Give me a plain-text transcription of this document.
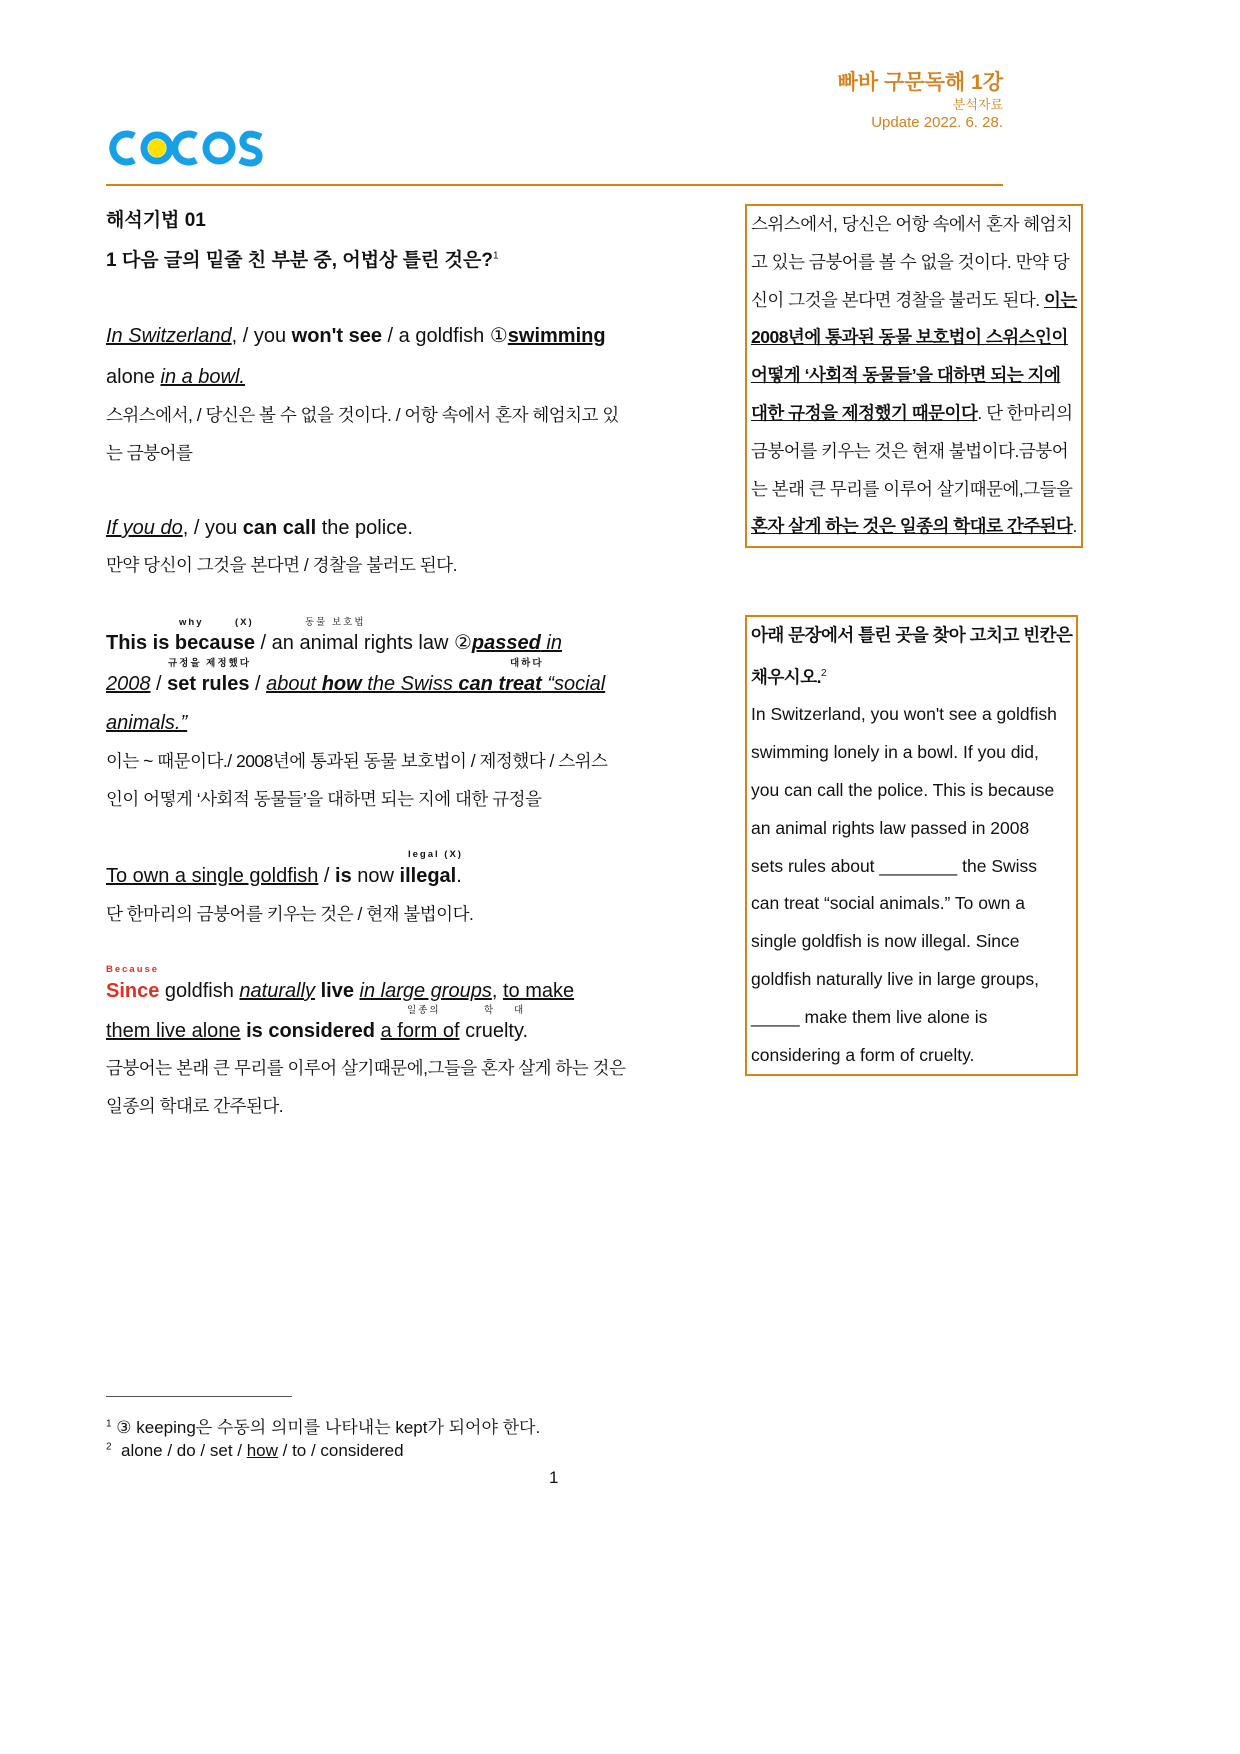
빠바 구문독해 1강
분석자료
Update 2022. 6. 28.
해석기법 01
1 다음 글의 밑줄 친 부분 중, 어법상 틀린 것은?$^1$
In Switzerland, / you won't see / a goldfish ①swimming
alone in a bowl.
스위스에서, / 당신은 볼 수 없을 것이다. / 어항 속에서 혼자 헤엄치고 있
는 금붕어를
If you do, / you can call the police.
만약 당신이 그것을 본다면 / 경찰을 불러도 된다.
why	(X)	동물 보호법
This is because / an animal rights law ②passed in
규정을 제정했다	대하다
2008 / set rules / about how the Swiss can treat “social
animals.”
이는 ~ 때문이다./ 2008년에 통과된 동물 보호법이 / 제정했다 / 스위스
인이 어떻게 ‘사회적 동물들’을 대하면 되는 지에 대한 규정을
legal (X)
To own a single goldfish / is now illegal.
단 한마리의 금붕어를 키우는 것은 / 현재 불법이다.
Because
Since goldfish naturally live in large groups, to make
일종의	학 대
them live alone is considered a form of cruelty.
금붕어는 본래 큰 무리를 이루어 살기때문에,그들을 혼자 살게 하는 것은
일종의 학대로 간주된다.
스위스에서, 당신은 어항 속에서 혼자 헤엄치
고 있는 금붕어를 볼 수 없을 것이다. 만약 당
신이 그것을 본다면 경찰을 불러도 된다. 이는
2008년에 통과된 동물 보호법이 스위스인이
어떻게 ‘사회적 동물들’을 대하면 되는 지에
대한 규정을 제정했기 때문이다. 단 한마리의
금붕어를 키우는 것은 현재 불법이다.금붕어
는 본래 큰 무리를 이루어 살기때문에,그들을
혼자 살게 하는 것은 일종의 학대로 간주된다.
아래 문장에서 틀린 곳을 찾아 고치고 빈칸은
채우시오.$^2$
In Switzerland, you won't see a goldfish
swimming lonely in a bowl. If you did,
you can call the police. This is because
an animal rights law passed in 2008
sets rules about ________ the Swiss
can treat “social animals.” To own a
single goldfish is now illegal. Since
goldfish naturally live in large groups,
_____ make them live alone is
considering a form of cruelty.
$^1$ ③ keeping은 수동의 의미를 나타내는 kept가 되어야 한다.
$^2$ alone / do / set / how / to / considered
1
